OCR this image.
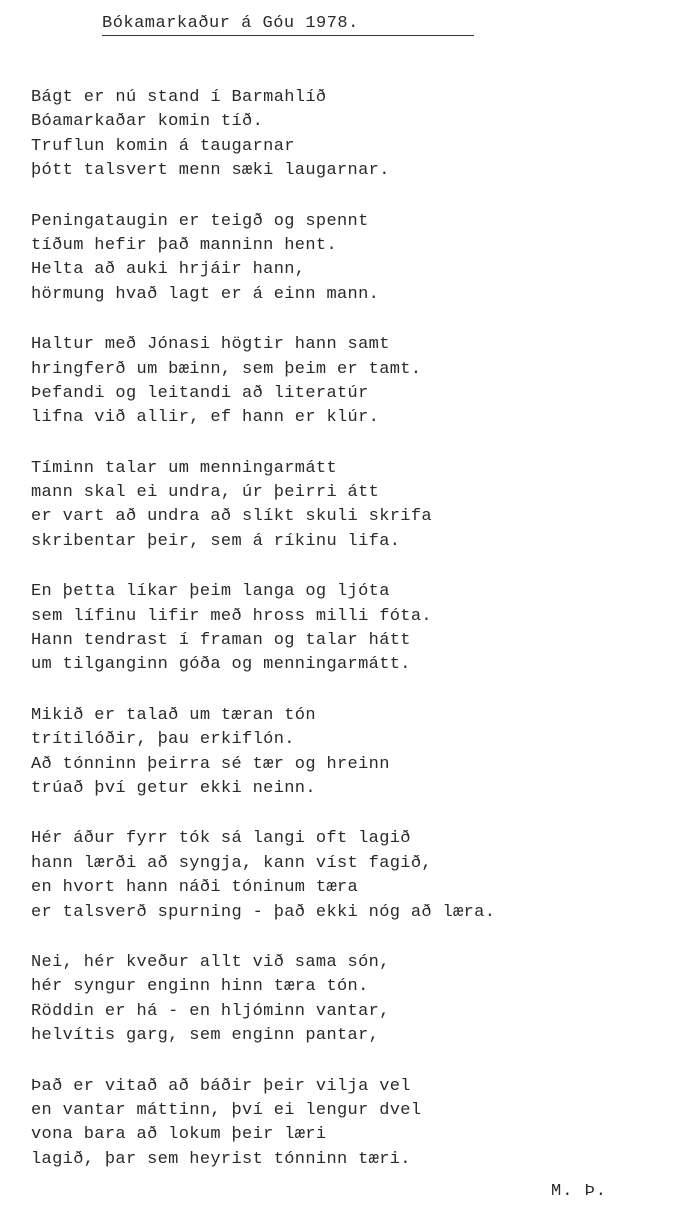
Bókamarkaður á Góu 1978.
Bágt er nú stand í Barmahlíð
Bóamarkaðar komin tíð.
Truflun komin á taugarnar
þótt talsvert menn sæki laugarnar.
Peningataugin er teigð og spennt
tíðum hefir það manninn hent.
Helta að auki hrjáir hann,
hörmung hvað lagt er á einn mann.
Haltur með Jónasi högtir hann samt
hringferð um bæinn, sem þeim er tamt.
Þefandi og leitandi að literatúr
lifna við allir, ef hann er klúr.
Tíminn talar um menningarmátt
mann skal ei undra, úr þeirri átt
er vart að undra að slíkt skuli skrifa
skribentar þeir, sem á ríkinu lifa.
En þetta líkar þeim langa og ljóta
sem lífinu lifir með hross milli fóta.
Hann tendrast í framan og talar hátt
um tilganginn góða og menningarmátt.
Mikið er talað um tæran tón
trítilóðir, þau erkiflón.
Að tónninn þeirra sé tær og hreinn
trúað því getur ekki neinn.
Hér áður fyrr tók sá langi oft lagið
hann lærði að syngja, kann víst fagið,
en hvort hann náði tóninum tæra
er talsverð spurning - það ekki nóg að læra.
Nei, hér kveður allt við sama són,
hér syngur enginn hinn tæra tón.
Röddin er há - en hljóminn vantar,
helvítis garg, sem enginn pantar,
Það er vitað að báðir þeir vilja vel
en vantar máttinn, því ei lengur dvel
vona bara að lokum þeir læri
lagið, þar sem heyrist tónninn tæri.
M. Þ.
